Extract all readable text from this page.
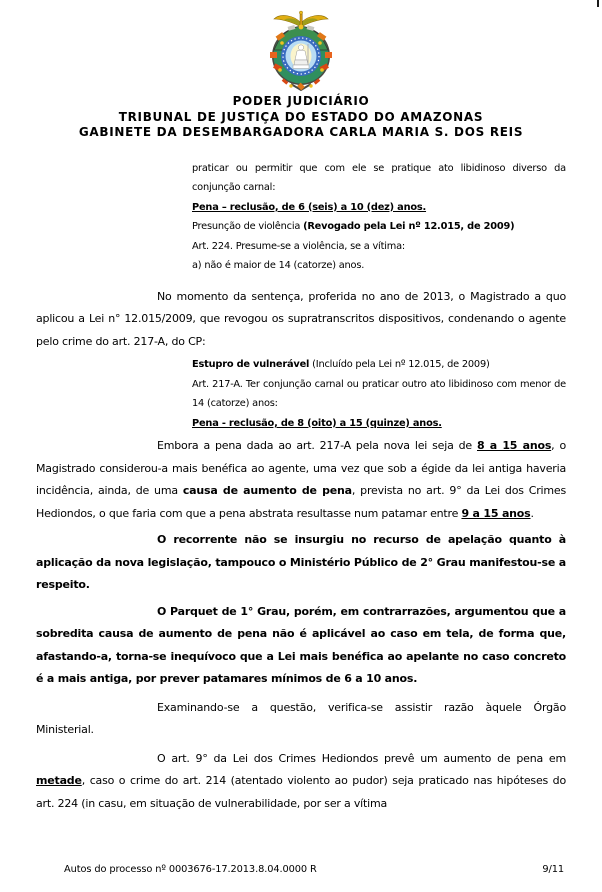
PODER JUDICIÁRIO
TRIBUNAL DE JUSTIÇA DO ESTADO DO AMAZONAS
GABINETE DA DESEMBARGADORA CARLA MARIA S. DOS REIS
praticar ou permitir que com ele se pratique ato libidinoso diverso da conjunção carnal:
Pena – reclusão, de 6 (seis) a 10 (dez) anos.
Presunção de violência (Revogado pela Lei nº 12.015, de 2009)
Art. 224. Presume-se a violência, se a vítima:
a) não é maior de 14 (catorze) anos.

No momento da sentença, proferida no ano de 2013, o Magistrado a quo aplicou a Lei n° 12.015/2009, que revogou os supratranscritos dispositivos, condenando o agente pelo crime do art. 217-A, do CP:

Estupro de vulnerável (Incluído pela Lei nº 12.015, de 2009)
Art. 217-A. Ter conjunção carnal ou praticar outro ato libidinoso com menor de 14 (catorze) anos:
Pena - reclusão, de 8 (oito) a 15 (quinze) anos.

Embora a pena dada ao art. 217-A pela nova lei seja de 8 a 15 anos, o Magistrado considerou-a mais benéfica ao agente, uma vez que sob a égide da lei antiga haveria incidência, ainda, de uma causa de aumento de pena, prevista no art. 9° da Lei dos Crimes Hediondos, o que faria com que a pena abstrata resultasse num patamar entre 9 a 15 anos.

O recorrente não se insurgiu no recurso de apelação quanto à aplicação da nova legislação, tampouco o Ministério Público de 2° Grau manifestou-se a respeito.

O Parquet de 1° Grau, porém, em contrarrazões, argumentou que a sobredita causa de aumento de pena não é aplicável ao caso em tela, de forma que, afastando-a, torna-se inequívoco que a Lei mais benéfica ao apelante no caso concreto é a mais antiga, por prever patamares mínimos de 6 a 10 anos.

Examinando-se a questão, verifica-se assistir razão àquele Órgão Ministerial.

O art. 9° da Lei dos Crimes Hediondos prevê um aumento de pena em metade, caso o crime do art. 214 (atentado violento ao pudor) seja praticado nas hipóteses do art. 224 (in casu, em situação de vulnerabilidade, por ser a vítima

Autos do processo nº 0003676-17.2013.8.04.0000 R	9/11
